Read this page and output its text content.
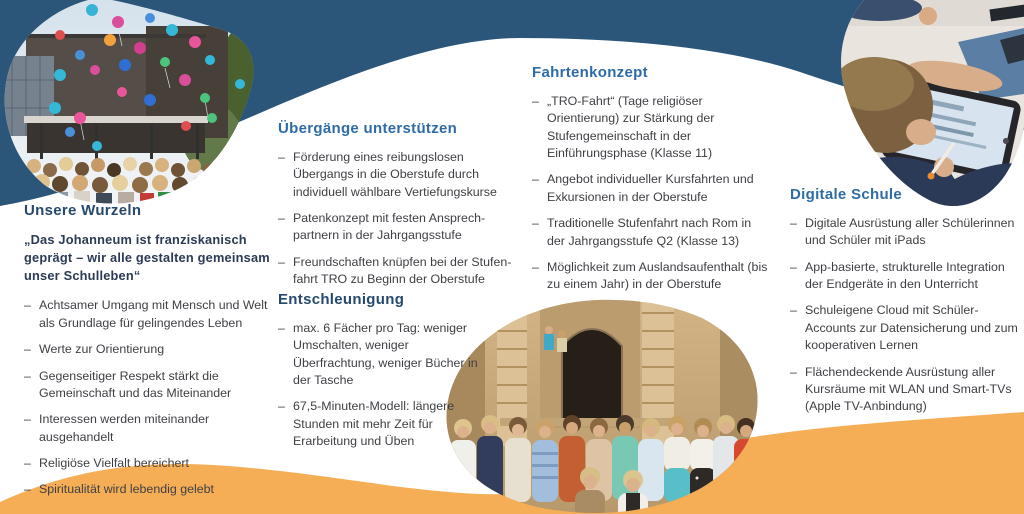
Unsere Wurzeln

„Das Johanneum ist franziskanisch geprägt – wir alle gestalten gemeinsam unser Schulleben“

– Achtsamer Umgang mit Mensch und Welt als Grundlage für gelingendes Leben
– Werte zur Orientierung
– Gegenseitiger Respekt stärkt die Gemeinschaft und das Miteinander
– Interessen werden miteinander ausgehandelt
– Religiöse Vielfalt bereichert
– Spiritualität wird lebendig gelebt
Übergänge unterstützen
– Förderung eines reibungslosen Übergangs in die Oberstufe durch individuell wählbare Vertiefungskurse
– Patenkonzept mit festen Ansprechpartnern in der Jahrgangsstufe
– Freundschaften knüpfen bei der Stufenfahrt TRO zu Beginn der Oberstufe
Entschleunigung
– max. 6 Fächer pro Tag: weniger Umschalten, weniger Überfrachtung, weniger Bücher in der Tasche
– 67,5-Minuten-Modell: längere Stunden mit mehr Zeit für Erarbeitung und Üben
Fahrtenkonzept
– „TRO-Fahrt“ (Tage religiöser Orientierung) zur Stärkung der Stufengemeinschaft in der Einführungsphase (Klasse 11)
– Angebot individueller Kursfahrten und Exkursionen in der Oberstufe
– Traditionelle Stufenfahrt nach Rom in der Jahrgangsstufe Q2 (Klasse 13)
– Möglichkeit zum Auslandsaufenthalt (bis zu einem Jahr) in der Oberstufe
Digitale Schule
– Digitale Ausrüstung aller Schülerinnen und Schüler mit iPads
– App-basierte, strukturelle Integration der Endgeräte in den Unterricht
– Schuleigene Cloud mit Schüler-Accounts zur Datensicherung und zum kooperativen Lernen
– Flächendeckende Ausrüstung aller Kursräume mit WLAN und Smart-TVs (Apple TV-Anbindung)
